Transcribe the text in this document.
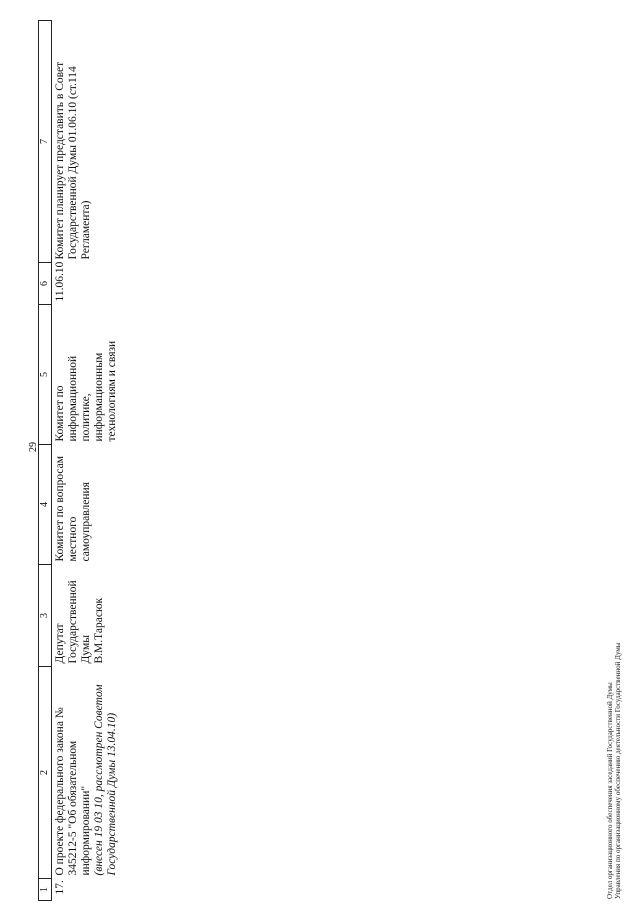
29
1	2	3	4	5	6	7
17.	О проекте федерального закона № 345212-5 "Об обязательном информировании" (внесен 19 03 10, рассмотрен Советом Государственной Думы 13.04.10)	Депутат Государственной Думы В.М.Тарасюк	Комитет по вопросам местного самоуправления	Комитет по информационной политике, информационным технологиям и связи	11.06.10	Комитет планирует представить в Совет Государственной Думы 01.06.10 (ст.114 Регламента)
Отдел организационного обеспечения заседаний Государственной Думы Управления по организационному обеспечению деятельности Государственной Думы
